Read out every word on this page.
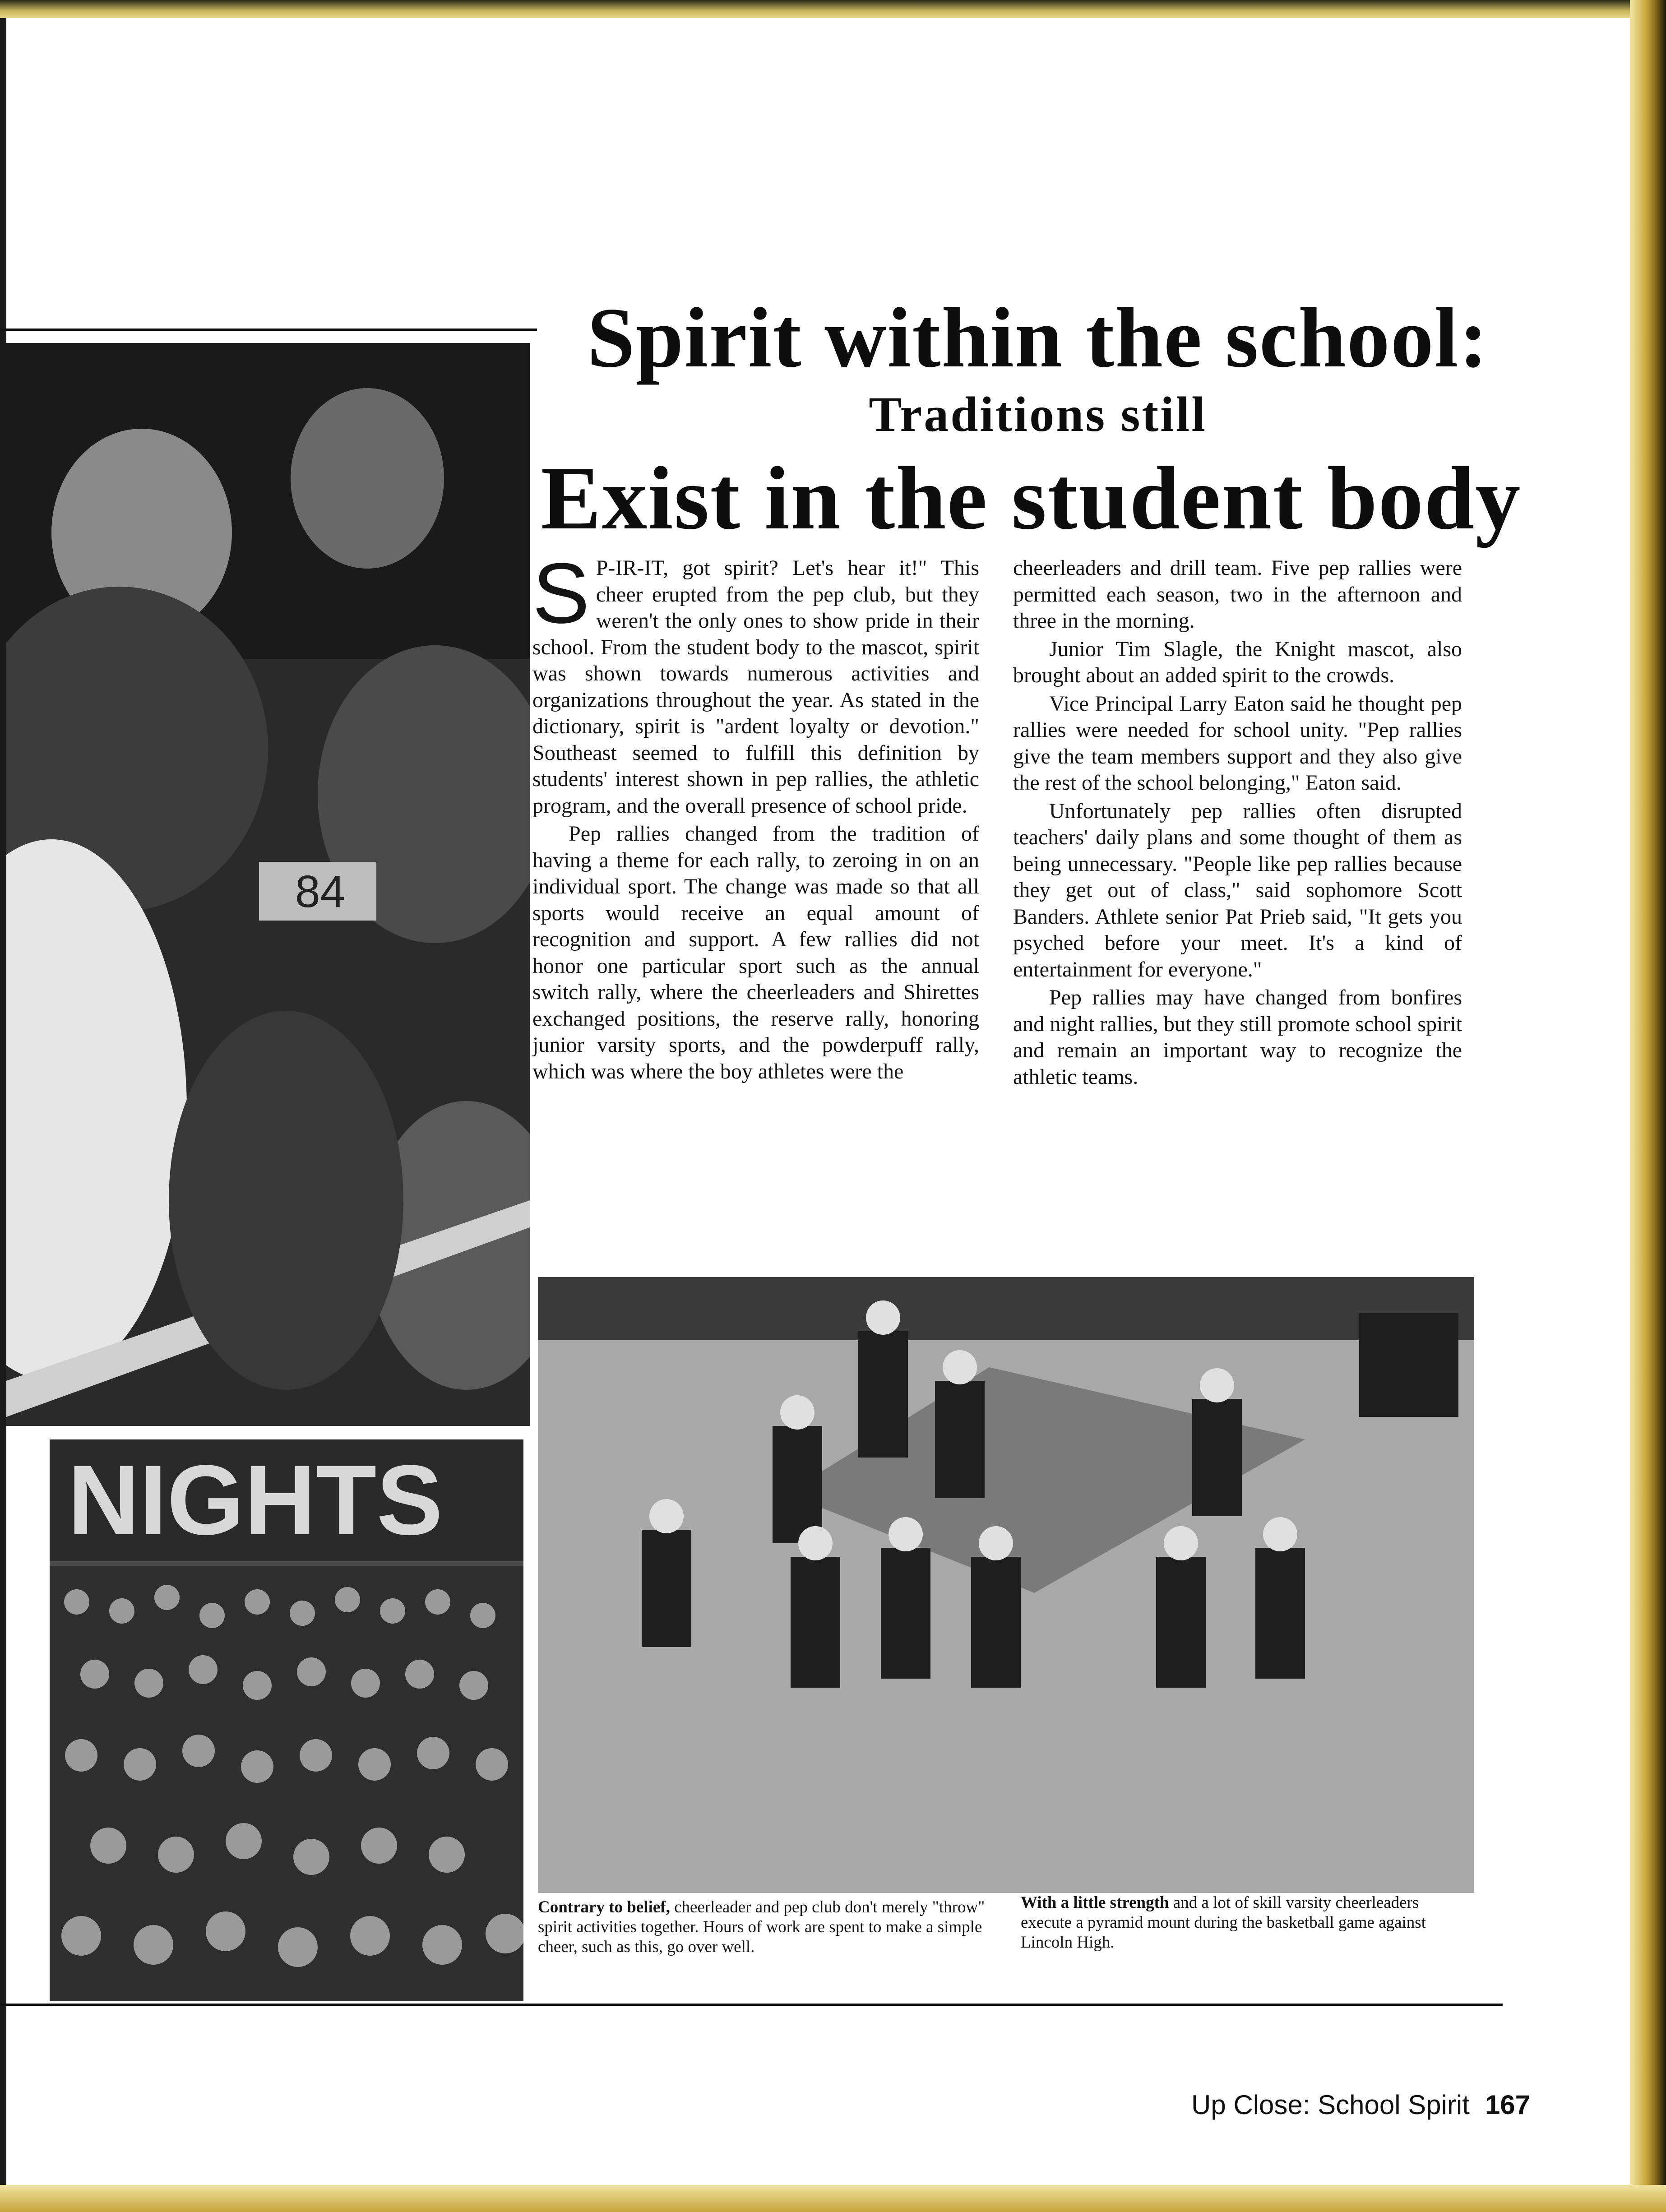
84
NIGHTS
Spirit within the school:
Traditions still
Exist in the student body

S P-IR-IT, got spirit? Let's hear it!" This cheer erupted from the pep club, but they weren't the only ones to show pride in their school. From the student body to the mascot, spirit was shown towards numerous activities and organizations throughout the year. As stated in the dictionary, spirit is "ardent loyalty or devotion." Southeast seemed to fulfill this definition by students' interest shown in pep rallies, the athletic program, and the overall presence of school pride.

Pep rallies changed from the tradition of having a theme for each rally, to zeroing in on an individual sport. The change was made so that all sports would receive an equal amount of recognition and support. A few rallies did not honor one particular sport such as the annual switch rally, where the cheerleaders and Shirettes exchanged positions, the reserve rally, honoring junior varsity sports, and the powderpuff rally, which was where the boy athletes were the

cheerleaders and drill team. Five pep rallies were permitted each season, two in the afternoon and three in the morning.

Junior Tim Slagle, the Knight mascot, also brought about an added spirit to the crowds.

Vice Principal Larry Eaton said he thought pep rallies were needed for school unity. "Pep rallies give the team members support and they also give the rest of the school belonging," Eaton said.

Unfortunately pep rallies often disrupted teachers' daily plans and some thought of them as being unnecessary. "People like pep rallies because they get out of class," said sophomore Scott Banders. Athlete senior Pat Prieb said, "It gets you psyched before your meet. It's a kind of entertainment for everyone."

Pep rallies may have changed from bonfires and night rallies, but they still promote school spirit and remain an important way to recognize the athletic teams.

Contrary to belief, cheerleader and pep club don't merely "throw" spirit activities together. Hours of work are spent to make a simple cheer, such as this, go over well.
With a little strength and a lot of skill varsity cheerleaders execute a pyramid mount during the basketball game against Lincoln High.
Up Close: School Spirit 167
